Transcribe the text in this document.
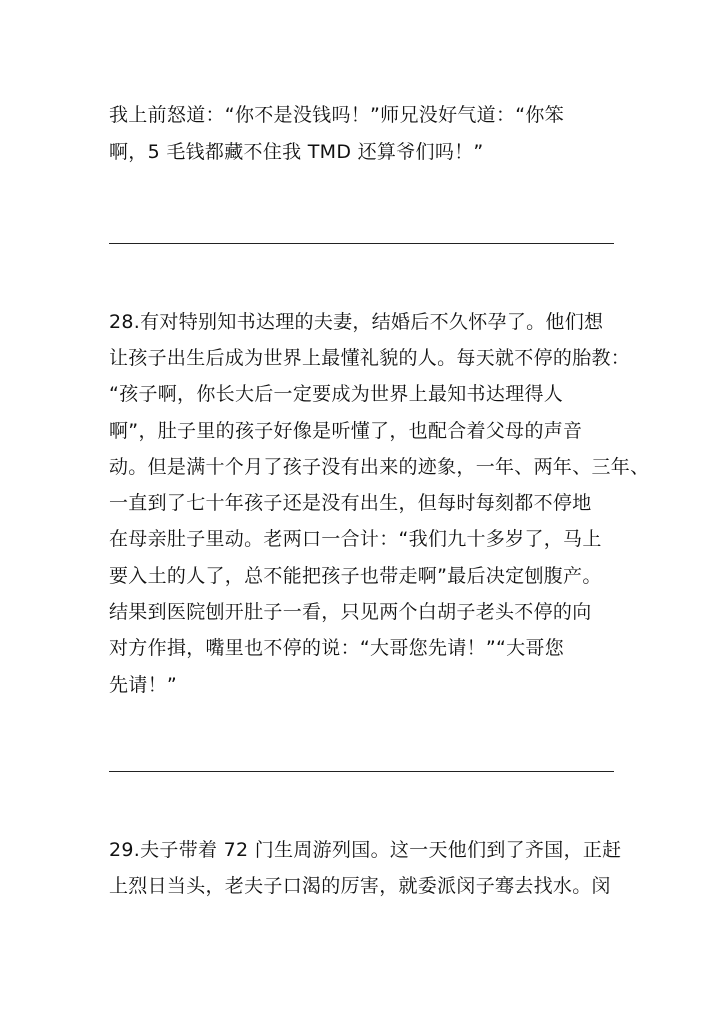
我上前怒道：“你不是没钱吗！”师兄没好气道：“你笨
啊，5 毛钱都藏不住我 TMD 还算爷们吗！”
28.有对特别知书达理的夫妻，结婚后不久怀孕了。他们想
让孩子出生后成为世界上最懂礼貌的人。每天就不停的胎教：
“孩子啊，你长大后一定要成为世界上最知书达理得人
啊”，肚子里的孩子好像是听懂了，也配合着父母的声音
动。但是满十个月了孩子没有出来的迹象，一年、两年、三年、
一直到了七十年孩子还是没有出生，但每时每刻都不停地
在母亲肚子里动。老两口一合计：“我们九十多岁了，马上
要入土的人了，总不能把孩子也带走啊”最后决定刨腹产。
结果到医院刨开肚子一看，只见两个白胡子老头不停的向
对方作揖，嘴里也不停的说：“大哥您先请！”“大哥您
先请！”
29.夫子带着 72 门生周游列国。这一天他们到了齐国，正赶
上烈日当头，老夫子口渴的厉害，就委派闵子骞去找水。闵
